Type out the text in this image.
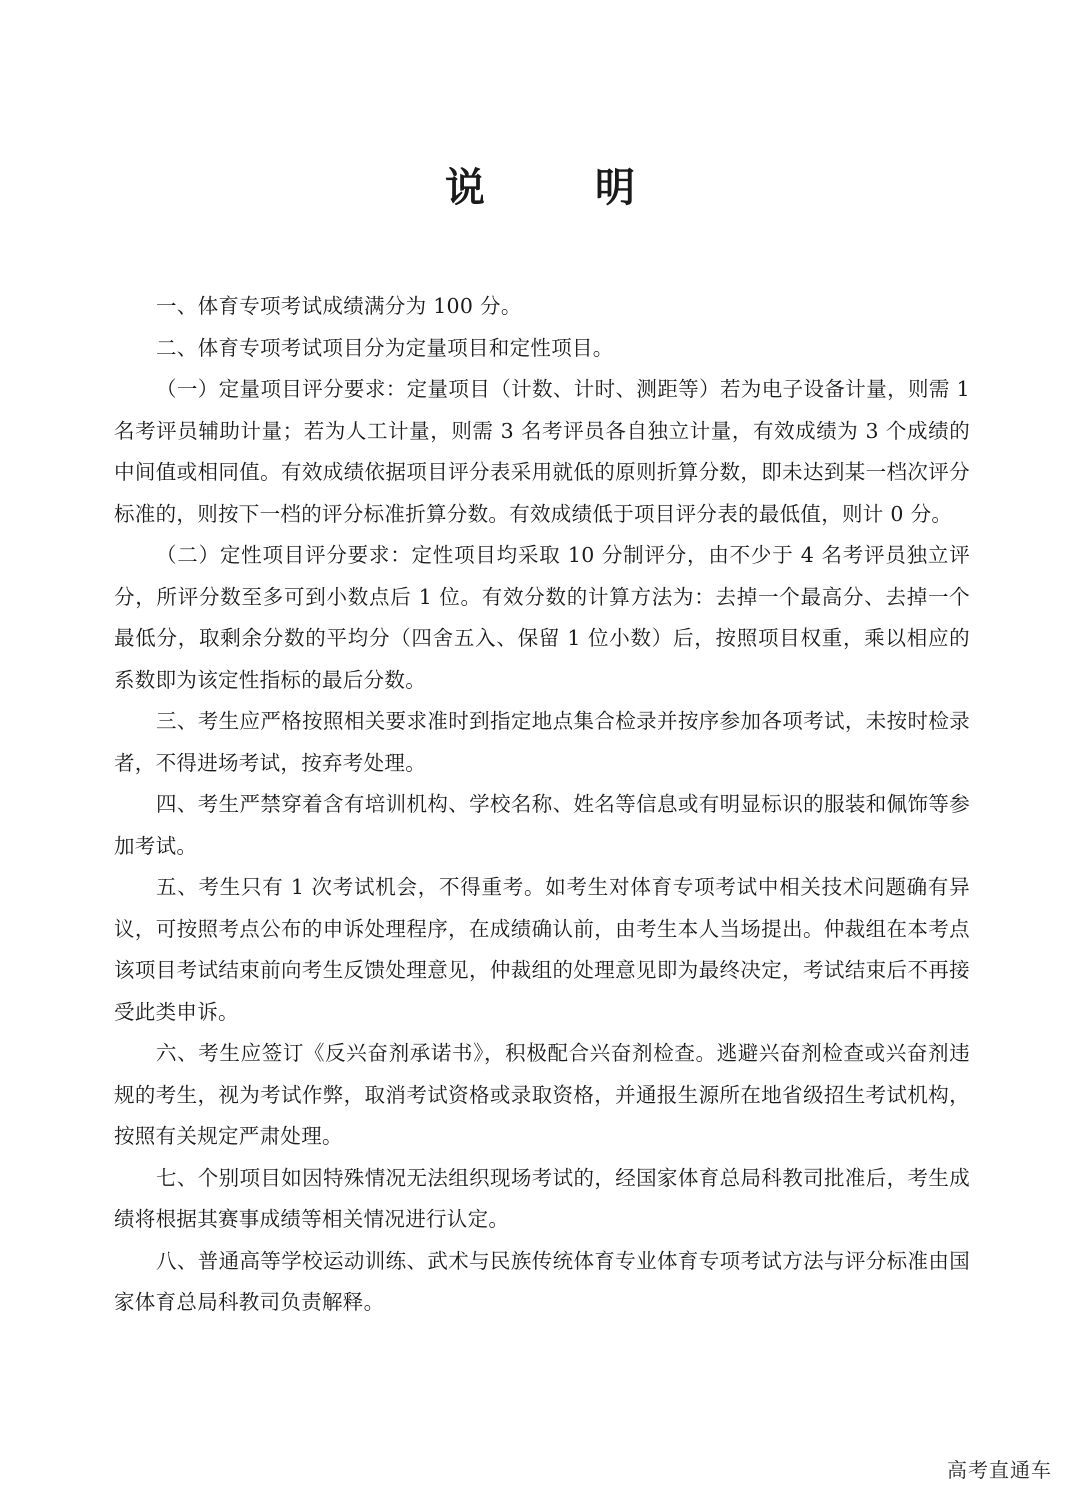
说 明

一、体育专项考试成绩满分为 100 分。

二、体育专项考试项目分为定量项目和定性项目。

（一）定量项目评分要求：定量项目（计数、计时、测距等）若为电子设备计量，则需 1 名考评员辅助计量；若为人工计量，则需 3 名考评员各自独立计量，有效成绩为 3 个成绩的中间值或相同值。有效成绩依据项目评分表采用就低的原则折算分数，即未达到某一档次评分标准的，则按下一档的评分标准折算分数。有效成绩低于项目评分表的最低值，则计 0 分。

（二）定性项目评分要求：定性项目均采取 10 分制评分，由不少于 4 名考评员独立评分，所评分数至多可到小数点后 1 位。有效分数的计算方法为：去掉一个最高分、去掉一个最低分，取剩余分数的平均分（四舍五入、保留 1 位小数）后，按照项目权重，乘以相应的系数即为该定性指标的最后分数。

三、考生应严格按照相关要求准时到指定地点集合检录并按序参加各项考试，未按时检录者，不得进场考试，按弃考处理。

四、考生严禁穿着含有培训机构、学校名称、姓名等信息或有明显标识的服装和佩饰等参加考试。

五、考生只有 1 次考试机会，不得重考。如考生对体育专项考试中相关技术问题确有异议，可按照考点公布的申诉处理程序，在成绩确认前，由考生本人当场提出。仲裁组在本考点该项目考试结束前向考生反馈处理意见，仲裁组的处理意见即为最终决定，考试结束后不再接受此类申诉。

六、考生应签订《反兴奋剂承诺书》，积极配合兴奋剂检查。逃避兴奋剂检查或兴奋剂违规的考生，视为考试作弊，取消考试资格或录取资格，并通报生源所在地省级招生考试机构，按照有关规定严肃处理。

七、个别项目如因特殊情况无法组织现场考试的，经国家体育总局科教司批准后，考生成绩将根据其赛事成绩等相关情况进行认定。

八、普通高等学校运动训练、武术与民族传统体育专业体育专项考试方法与评分标准由国家体育总局科教司负责解释。

高考直通车
